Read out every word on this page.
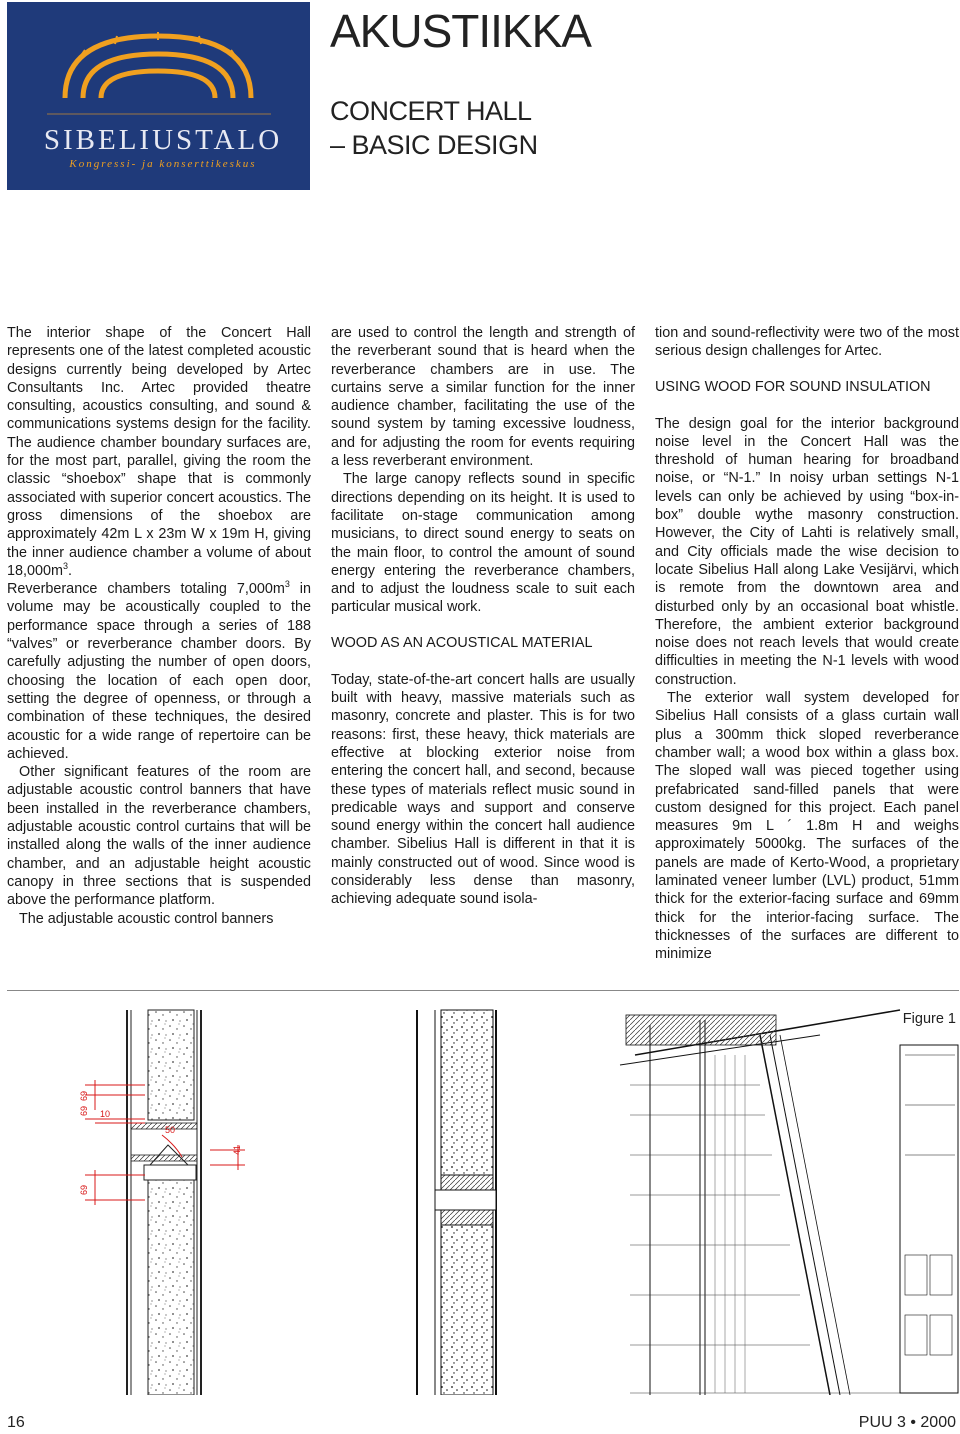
SIBELIUSTALO
Kongressi- ja konserttikeskus
AKUSTIIKKA
CONCERT HALL
– BASIC DESIGN

The interior shape of the Concert Hall represents one of the latest completed acoustic designs currently being developed by Artec Consultants Inc. Artec provided theatre consulting, acoustics consulting, and sound & communications systems design for the facility. The audience chamber boundary surfaces are, for the most part, parallel, giving the room the classic “shoebox” shape that is commonly associated with superior concert acoustics. The gross dimensions of the shoebox are approximately 42m L x 23m W x 19m H, giving the inner audience chamber a volume of about $18,000m^3$.

Reverberance chambers totaling $7,000m^3$ in volume may be acoustically coupled to the performance space through a series of 188 “valves” or reverberance chamber doors. By carefully adjusting the number of open doors, choosing the location of each open door, setting the degree of openness, or through a combination of these techniques, the desired acoustic for a wide range of repertoire can be achieved.

Other significant features of the room are adjustable acoustic control banners that have been installed in the reverberance chambers, adjustable acoustic control curtains that will be installed along the walls of the inner audience chamber, and an adjustable height acoustic canopy in three sections that is suspended above the performance platform.

The adjustable acoustic control banners

are used to control the length and strength of the reverberant sound that is heard when the reverberance chambers are in use. The curtains serve a similar function for the inner audience chamber, facilitating the use of the sound system by taming excessive loudness, and for adjusting the room for events requiring a less reverberant environment.

The large canopy reflects sound in specific directions depending on its height. It is used to facilitate on-stage communication among musicians, to direct sound energy to seats on the main floor, to control the amount of sound energy entering the reverberance chambers, and to adjust the loudness scale to suit each particular musical work.

WOOD AS AN ACOUSTICAL MATERIAL

Today, state-of-the-art concert halls are usually built with heavy, massive materials such as masonry, concrete and plaster. This is for two reasons: first, these heavy, thick materials are effective at blocking exterior noise from entering the concert hall, and second, because these types of materials reflect music sound in predicable ways and support and conserve sound energy within the concert hall audience chamber. Sibelius Hall is different in that it is mainly constructed out of wood. Since wood is considerably less dense than masonry, achieving adequate sound isola-

tion and sound-reflectivity were two of the most serious design challenges for Artec.

USING WOOD FOR SOUND INSULATION

The design goal for the interior background noise level in the Concert Hall was the threshold of human hearing for broadband noise, or “N-1.” In noisy urban settings N-1 levels can only be achieved by using “box-in-box” double wythe masonry construction. However, the City of Lahti is relatively small, and City officials made the wise decision to locate Sibelius Hall along Lake Vesijärvi, which is remote from the downtown area and disturbed only by an occasional boat whistle. Therefore, the ambient exterior background noise does not reach levels that would create difficulties in meeting the N-1 levels with wood construction.

The exterior wall system developed for Sibelius Hall consists of a glass curtain wall plus a 300mm thick sloped reverberance chamber wall; a wood box within a glass box. The sloped wall was pieced together using prefabricated sand-filled panels that were custom designed for this project. Each panel measures 9m L ´ 1.8m H and weighs approximately 5000kg. The surfaces of the panels are made of Kerto-Wood, a proprietary laminated veneer lumber (LVL) product, 51mm thick for the exterior-facing surface and 69mm thick for the interior-facing surface. The thicknesses of the surfaces are different to minimize

69
69 10
50
41
69
Figure 1
16	PUU 3 • 2000
